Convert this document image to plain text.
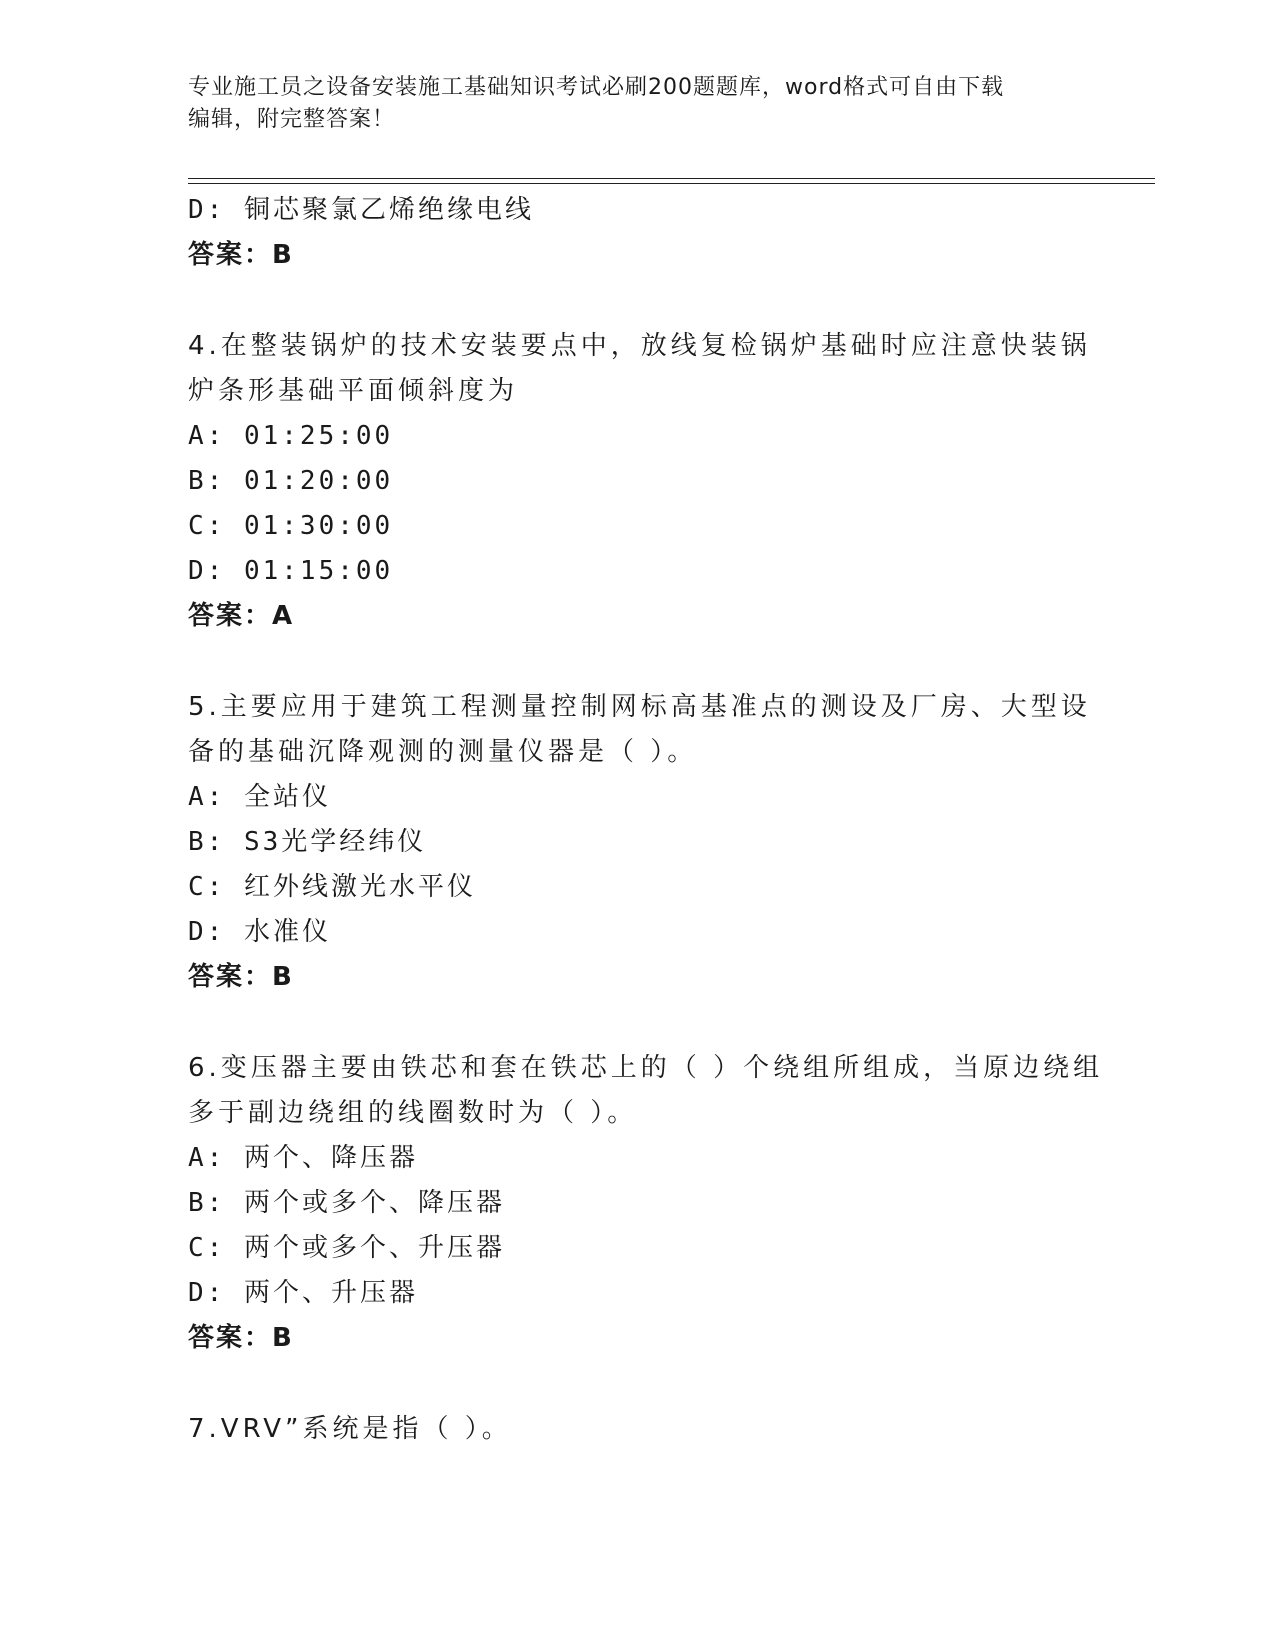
专业施工员之设备安装施工基础知识考试必刷200题题库，word格式可自由下载
编辑，附完整答案！
D: 铜芯聚氯乙烯绝缘电线
答案：B
4.在整装锅炉的技术安装要点中，放线复检锅炉基础时应注意快装锅
炉条形基础平面倾斜度为
A: 01:25:00
B: 01:20:00
C: 01:30:00
D: 01:15:00
答案：A
5.主要应用于建筑工程测量控制网标高基准点的测设及厂房、大型设
备的基础沉降观测的测量仪器是（ ）。
A: 全站仪
B: S3光学经纬仪
C: 红外线激光水平仪
D: 水准仪
答案：B
6.变压器主要由铁芯和套在铁芯上的（ ）个绕组所组成，当原边绕组
多于副边绕组的线圈数时为（ ）。
A: 两个、降压器
B: 两个或多个、降压器
C: 两个或多个、升压器
D: 两个、升压器
答案：B
7.VRV”系统是指（ ）。
